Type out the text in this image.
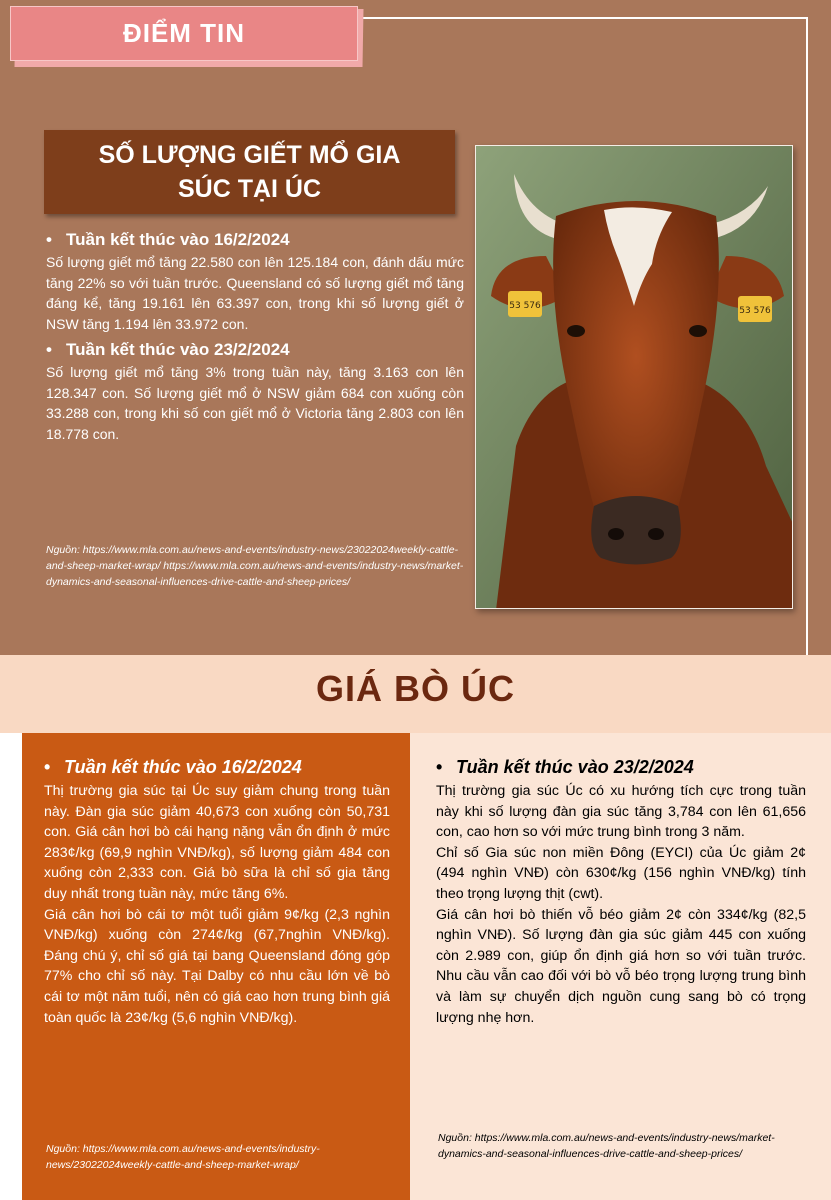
ĐIỂM TIN
SỐ LƯỢNG GIẾT MỔ GIA SÚC TẠI ÚC
• Tuần kết thúc vào 16/2/2024

Số lượng giết mổ tăng 22.580 con lên 125.184 con, đánh dấu mức tăng 22% so với tuần trước. Queensland có số lượng giết mổ tăng đáng kể, tăng 19.161 lên 63.397 con, trong khi số lượng giết ở NSW tăng 1.194 lên 33.972 con.

• Tuần kết thúc vào 23/2/2024

Số lượng giết mổ tăng 3% trong tuần này, tăng 3.163 con lên 128.347 con. Số lượng giết mổ ở NSW giảm 684 con xuống còn 33.288 con, trong khi số con giết mổ ở Victoria tăng 2.803 con lên 18.778 con.

Nguồn: https://www.mla.com.au/news-and-events/industry-news/23022024weekly-cattle-and-sheep-market-wrap/ https://www.mla.com.au/news-and-events/industry-news/market-dynamics-and-seasonal-influences-drive-cattle-and-sheep-prices/
53 576	53 576
GIÁ BÒ ÚC
• Tuần kết thúc vào 16/2/2024

Thị trường gia súc tại Úc suy giảm chung trong tuần này. Đàn gia súc giảm 40,673 con xuống còn 50,731 con. Giá cân hơi bò cái hạng nặng vẫn ổn định ở mức 283¢/kg (69,9 nghìn VNĐ/kg), số lượng giảm 484 con xuống còn 2,333 con. Giá bò sữa là chỉ số gia tăng duy nhất trong tuần này, mức tăng 6%.

Giá cân hơi bò cái tơ một tuổi giảm 9¢/kg (2,3 nghìn VNĐ/kg) xuống còn 274¢/kg (67,7nghìn VNĐ/kg). Đáng chú ý, chỉ số giá tại bang Queensland đóng góp 77% cho chỉ số này. Tại Dalby có nhu cầu lớn về bò cái tơ một năm tuổi, nên có giá cao hơn trung bình giá toàn quốc là 23¢/kg (5,6 nghìn VNĐ/kg).

Nguồn: https://www.mla.com.au/news-and-events/industry-news/23022024weekly-cattle-and-sheep-market-wrap/
• Tuần kết thúc vào 23/2/2024

Thị trường gia súc Úc có xu hướng tích cực trong tuần này khi số lượng đàn gia súc tăng 3,784 con lên 61,656 con, cao hơn so với mức trung bình trong 3 năm.

Chỉ số Gia súc non miền Đông (EYCI) của Úc giảm 2¢ (494 nghìn VNĐ) còn 630¢/kg (156 nghìn VNĐ/kg) tính theo trọng lượng thịt (cwt).

Giá cân hơi bò thiến vỗ béo giảm 2¢ còn 334¢/kg (82,5 nghìn VNĐ). Số lượng đàn gia súc giảm 445 con xuống còn 2.989 con, giúp ổn định giá hơn so với tuần trước. Nhu cầu vẫn cao đối với bò vỗ béo trọng lượng trung bình và làm sự chuyển dịch nguồn cung sang bò có trọng lượng nhẹ hơn.

Nguồn: https://www.mla.com.au/news-and-events/industry-news/market-dynamics-and-seasonal-influences-drive-cattle-and-sheep-prices/
